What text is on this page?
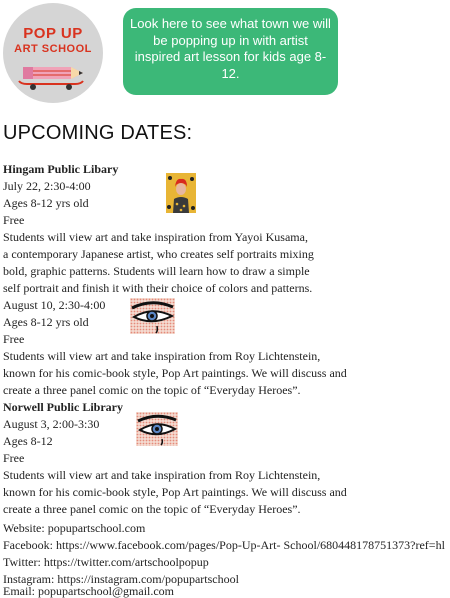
POP UP
ART SCHOOL
Look here to see what town we will be popping up in with artist inspired art lesson for kids age 8-12.
UPCOMING DATES:

Hingam Public Libary

July 22, 2:30-4:00

Ages 8-12 yrs old

Free

Students will view art and take inspiration from Yayoi Kusama,

a contemporary Japanese artist, who creates self portraits mixing

bold, graphic patterns. Students will learn how to draw a simple

self portrait and finish it with their choice of colors and patterns.

August 10, 2:30-4:00

Ages 8-12 yrs old

Free

Students will view art and take inspiration from Roy Lichtenstein,

known for his comic-book style, Pop Art paintings. We will discuss and

create a three panel comic on the topic of “Everyday Heroes”.

Norwell Public Library

August 3, 2:00-3:30

Ages 8-12

Free

Students will view art and take inspiration from Roy Lichtenstein,

known for his comic-book style, Pop Art paintings. We will discuss and

create a three panel comic on the topic of “Everyday Heroes”.

Website: popupartschool.com

Facebook: https://www.facebook.com/pages/Pop-Up-Art- School/680448178751373?ref=hl

Twitter: https://twitter.com/artschoolpopup

Instagram: https://instagram.com/popupartschool

Email: popupartschool@gmail.com
